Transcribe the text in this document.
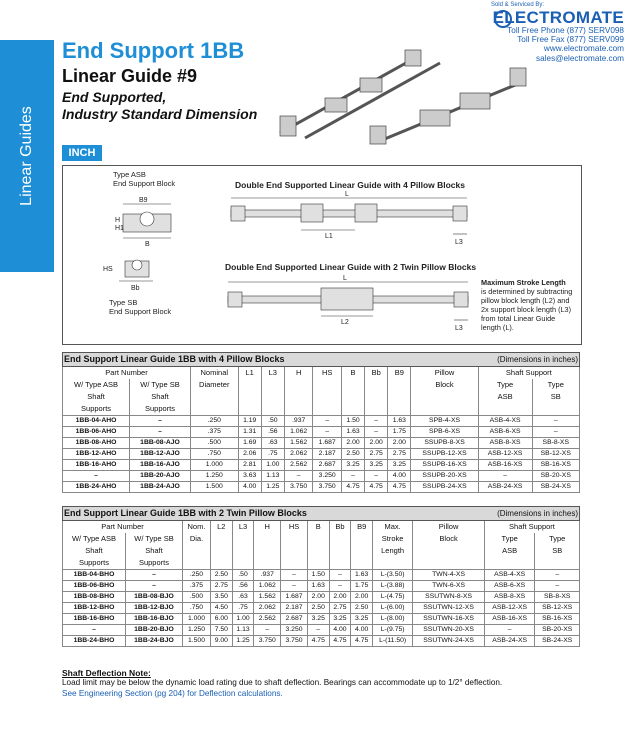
Linear Guides
Sold & Serviced By:
ELECTROMATE
Toll Free Phone (877) SERV098
Toll Free Fax (877) SERV099
www.electromate.com
sales@electromate.com
End Support 1BB
Linear Guide #9
End Supported,
Industry Standard Dimension
INCH
Type ASB
End Support Block	Double End Supported Linear Guide with 4 Pillow Blocks
Double End Supported Linear Guide with 2 Twin Pillow Blocks
Type SB
End Support Block
Maximum Stroke Length
is determined by subtracting pillow block length (L2) and 2x support block length (L3) from total Linear Guide length (L).
B9
H
H1
B
HS
Bb
L
L1
L3
L
L2
L3
End Support Linear Guide 1BB with 4 Pillow Blocks (Dimensions in inches)												

Part Number		Nominal	L1	L3	H	HS	B	Bb	B9	Pillow	Shaft Support	
W/ Type ASB	W/ Type SB	Diameter								Block	Type	Type
Shaft	Shaft										ASB	SB
Supports	Supports											
1BB-04-AHO	–	.250	1.19	.50	.937	–	1.50	–	1.63	SPB-4-XS	ASB-4-XS	–
1BB-06-AHO	–	.375	1.31	.56	1.062	–	1.63	–	1.75	SPB-6-XS	ASB-6-XS	–
1BB-08-AHO	1BB-08-AJO	.500	1.69	.63	1.562	1.687	2.00	2.00	2.00	SSUPB-8-XS	ASB-8-XS	SB-8-XS
1BB-12-AHO	1BB-12-AJO	.750	2.06	.75	2.062	2.187	2.50	2.75	2.75	SSUPB-12-XS	ASB-12-XS	SB-12-XS
1BB-16-AHO	1BB-16-AJO	1.000	2.81	1.00	2.562	2.687	3.25	3.25	3.25	SSUPB-16-XS	ASB-16-XS	SB-16-XS
–	1BB-20-AJO	1.250	3.63	1.13	–	3.250	–	–	4.00	SSUPB-20-XS	–	SB-20-XS
1BB-24-AHO	1BB-24-AJO	1.500	4.00	1.25	3.750	3.750	4.75	4.75	4.75	SSUPB-24-XS	ASB-24-XS	SB-24-XS
End Support Linear Guide 1BB with 2 Twin Pillow Blocks (Dimensions in inches)													

Part Number		Nom.	L2	L3	H	HS	B	Bb	B9	Max.	Pillow	Shaft Support	
W/ Type ASB	W/ Type SB	Dia.								Stroke	Block	Type	Type
Shaft	Shaft									Length		ASB	SB
Supports	Supports												
1BB-04-BHO	–	.250	2.50	.50	.937	–	1.50	–	1.63	L-(3.50)	TWN-4-XS	ASB-4-XS	–
1BB-06-BHO	–	.375	2.75	.56	1.062	–	1.63	–	1.75	L-(3.88)	TWN-6-XS	ASB-6-XS	–
1BB-08-BHO	1BB-08-BJO	.500	3.50	.63	1.562	1.687	2.00	2.00	2.00	L-(4.75)	SSUTWN-8-XS	ASB-8-XS	SB-8-XS
1BB-12-BHO	1BB-12-BJO	.750	4.50	.75	2.062	2.187	2.50	2.75	2.50	L-(6.00)	SSUTWN-12-XS	ASB-12-XS	SB-12-XS
1BB-16-BHO	1BB-16-BJO	1.000	6.00	1.00	2.562	2.687	3.25	3.25	3.25	L-(8.00)	SSUTWN-16-XS	ASB-16-XS	SB-16-XS
–	1BB-20-BJO	1.250	7.50	1.13	–	3.250	–	4.00	4.00	L-(9.75)	SSUTWN-20-XS	–	SB-20-XS
1BB-24-BHO	1BB-24-BJO	1.500	9.00	1.25	3.750	3.750	4.75	4.75	4.75	L-(11.50)	SSUTWN-24-XS	ASB-24-XS	SB-24-XS
Shaft Deflection Note:
Load limit may be below the dynamic load rating due to shaft deflection. Bearings can accommodate up to 1/2° deflection.
See Engineering Section (pg 204) for Deflection calculations.
